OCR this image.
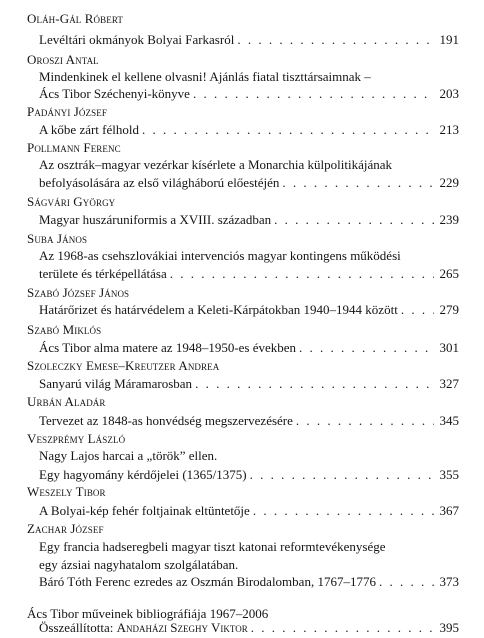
Oláh-Gál Róbert
Levéltári okmányok Bolyai Farkasról . . .	191
Oroszi Antal
Mindenkinek el kellene olvasni! Ajánlás fiatal tiszttársaimnak –
Ács Tibor Széchenyi-könyve . . .	203
Padányi József
A kőbe zárt félhold . . .	213
Pollmann Ferenc
Az osztrák–magyar vezérkar kísérlete a Monarchia külpolitikájának
befolyásolására az első világháború előestéjén . . .	229
Ságvári György
Magyar huszáruniformis a XVIII. században . . .	239
Suba János
Az 1968-as csehszlovákiai intervenciós magyar kontingens működési
területe és térképellátása . . .	265
Szabó József János
Határőrizet és határvédelem a Keleti-Kárpátokban 1940–1944 között . . .	279
Szabó Miklós
Ács Tibor alma matere az 1948–1950-es években . . .	301
Szoleczky Emese–Kreutzer Andrea
Sanyarú világ Máramarosban . . .	327
Urbán Aladár
Tervezet az 1848-as honvédség megszervezésére . . .	345
Veszprémy László
Nagy Lajos harcai a „török” ellen.
Egy hagyomány kérdőjelei (1365/1375) . . .	355
Weszely Tibor
A Bolyai-kép fehér foltjainak eltüntetője . . .	367
Zachar József
Egy francia hadseregbeli magyar tiszt katonai reformtevékenysége
egy ázsiai nagyhatalom szolgálatában.
Báró Tóth Ferenc ezredes az Oszmán Birodalomban, 1767–1776 . . .	373
Ács Tibor műveinek bibliográfiája 1967–2006
Összeállította: Andaházi Szeghy Viktor . . .	395
